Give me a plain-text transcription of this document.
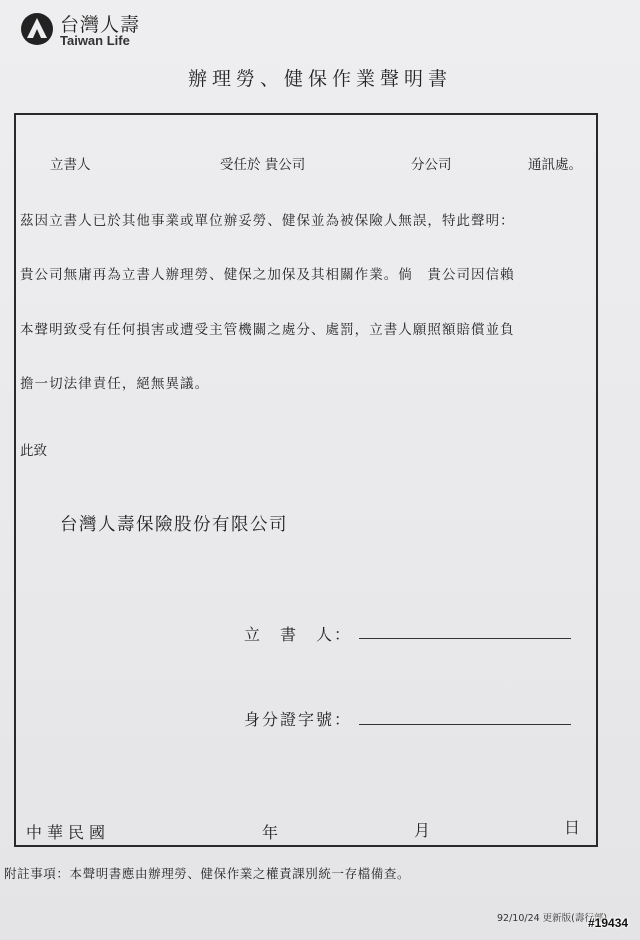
台灣人壽
Taiwan Life
辦理勞、健保作業聲明書
立書人	受任於 貴公司	分公司	通訊處。
茲因立書人已於其他事業或單位辦妥勞、健保並為被保險人無誤，特此聲明：
貴公司無庸再為立書人辦理勞、健保之加保及其相關作業。倘　貴公司因信賴
本聲明致受有任何損害或遭受主管機關之處分、處罰，立書人願照額賠償並負
擔一切法律責任，絕無異議。
此致
台灣人壽保險股份有限公司
立　書　人：
身分證字號：
中華民國	年	月	日
附註事項：本聲明書應由辦理勞、健保作業之權責課別統一存檔備查。
92/10/24 更新版(壽行部)
#19434
